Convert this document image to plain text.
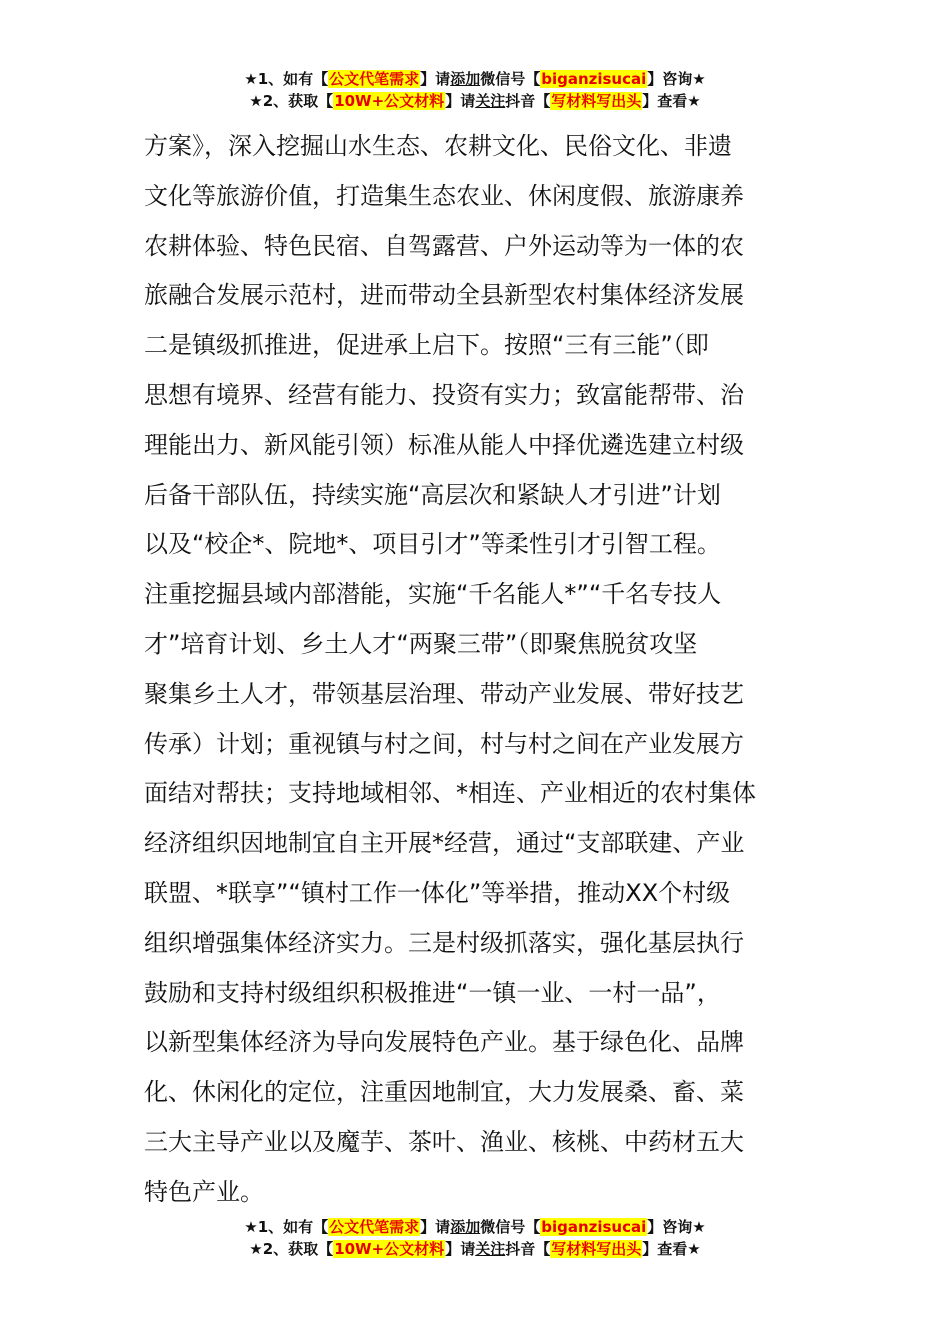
★1、如有【公文代笔需求】请添加微信号【biganzisucai】咨询★
★2、获取【10W+公文材料】请关注抖音【写材料写出头】查看★
方案》，深入挖掘山水生态、农耕文化、民俗文化、非遗
文化等旅游价值，打造集生态农业、休闲度假、旅游康养
农耕体验、特色民宿、自驾露营、户外运动等为一体的农
旅融合发展示范村，进而带动全县新型农村集体经济发展
二是镇级抓推进，促进承上启下。按照“三有三能”（即
思想有境界、经营有能力、投资有实力；致富能帮带、治
理能出力、新风能引领）标准从能人中择优遴选建立村级
后备干部队伍，持续实施“高层次和紧缺人才引进”计划
以及“校企*、院地*、项目引才”等柔性引才引智工程。
注重挖掘县域内部潜能，实施“千名能人*”“千名专技人
才”培育计划、乡土人才“两聚三带”（即聚焦脱贫攻坚
聚集乡土人才，带领基层治理、带动产业发展、带好技艺
传承）计划；重视镇与村之间，村与村之间在产业发展方
面结对帮扶；支持地域相邻、*相连、产业相近的农村集体
经济组织因地制宜自主开展*经营，通过“支部联建、产业
联盟、*联享”“镇村工作一体化”等举措，推动XX个村级
组织增强集体经济实力。三是村级抓落实，强化基层执行
鼓励和支持村级组织积极推进“一镇一业、一村一品”，
以新型集体经济为导向发展特色产业。基于绿色化、品牌
化、休闲化的定位，注重因地制宜，大力发展桑、畜、菜
三大主导产业以及魔芋、茶叶、渔业、核桃、中药材五大
特色产业。
★1、如有【公文代笔需求】请添加微信号【biganzisucai】咨询★
★2、获取【10W+公文材料】请关注抖音【写材料写出头】查看★
